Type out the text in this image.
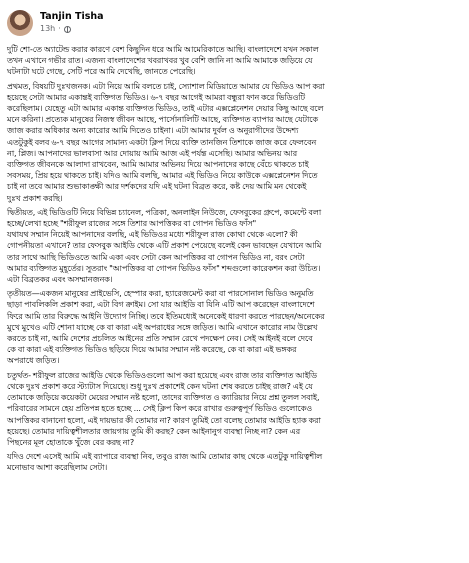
Tanjin Tisha
13h ·

দুটি শো-তে অ্যাটেন্ড করার কারণে বেশ কিছুদিন ধরে আমি আমেরিকাতে আছি। বাংলাদেশে যখন সকাল
তখন এখানে গভীর রাত। এজন্য বাংলাদেশের খবরাখবর খুব বেশি জানি না আমি আমাকে জড়িয়ে যে
ঘটনাটা ঘটে গেছে, সেটি পরে আমি দেখেছি, জানতে পেরেছি।

প্রথমত, বিষয়টি দুঃখজনক। এটা নিয়ে আমি বলতে চাই, স্যোশাল মিডিয়াতে আমার যে ভিডিও আপ করা
হয়েছে সেটা আমার একান্তই ব্যক্তিগত ভিডিও। ৬-৭ বছর আগেই আমরা বন্ধুরা ফান করে ভিডিওটি
করেছিলাম। যেহেতু এটা আমার একান্ত ব্যক্তিগত ভিডিও, তাই এটার এক্সপ্লেনেশন দেয়ার কিছু আছে বলে
মনে করিনা। প্রত্যেক মানুষের নিজস্ব জীবন আছে, পার্সোনালিটি আছে, ব্যক্তিগত ব্যাপার আছে যেটাকে
জাজ করার অধিকার অন্য কারোর আমি দিতেও চাইনা। এটা আমার দুর্বল ও অনুরাগীদের উদ্দেশ্য
এতটুকুই বলব ৬-৭ বছর আগের সামান্য একটা ক্লিপ দিয়ে ব্যক্তি তানজিন তিশাকে জাজ করে ফেলবেন
না, প্লিজ। আপনাদের ভালবাসা আর দোয়ায় আমি আজ এই পর্যন্ত এসেছি। আমার অভিনয় আর
ব্যক্তিগত জীবনকে আলাদা রাখবেন, আমি আমার অভিনয় দিয়ে আপনাদের কাছে বেঁচে থাকতে চাই
সবসময়, প্রিয় হয়ে থাকতে চাই। যদিও আমি বলছি, আমার এই ভিডিও নিয়ে কাউকে এক্সপ্লেনেশন দিতে
চাই না তবে আমার শুভাকাঙ্ক্ষী আর দর্শকদের যদি এই ঘটনা বিব্রত করে, কষ্ট দেয় আমি মন থেকেই
দুঃখ প্রকাশ করছি।

দ্বিতীয়ত, এই ভিডিওটি নিয়ে বিভিন্ন চ্যানেল, পত্রিকা, অনলাইন নিউজে, ফেসবুকের গ্রুপে, কমেন্টে বলা
হচ্ছে/লেখা হচ্ছে "শরীফুল রাজের সঙ্গে তিশার আপত্তিকর বা গোপন ভিডিও ফাঁস"
যথাযথ সম্মান নিয়েই আপনাদের বলছি, এই ভিডিওর মধ্যে শরীফুল রাজ কোথা থেকে এলো? কী
গোপনীয়তা এখানে? তার ফেসবুক আইডি থেকে এটি প্রকাশ পেয়েছে বলেই কেন ভাবছেন যেখানে আমি
তার সাথে আছি ভিডিওতে আমি একা এবং সেটা কেন আপত্তিকর বা গোপন ভিডিও না, বরং সেটা
আমার ব্যক্তিগত মুহূর্তের। সুতরাং "আপত্তিকর বা গোপন ভিডিও ফাঁস" শব্দগুলো কারেকশন করা উচিত।
এটা বিব্রতকর এবং অসম্মানজনক।

তৃতীয়ত—একজন মানুষের প্রাইভেসি, হেস্পার করা, হ্যারেজমেন্ট করা বা পারসোনাল ভিডিও অনুমতি
ছাড়া পাবলিকলি প্রকাশ করা, এটা বিগ ক্রাইম। সো যার আইডি বা যিনি এটি আপ করেছেন বাংলাদেশে
ফিরে আমি তার বিরুদ্ধে আইনি উদ্যোগ নিচ্ছি। তবে ইতিমধ্যেই অনেকেই ধারণা করতে পারছেন/অনেকের
মুখে মুখেও এটি শোনা যাচ্ছে কে বা কারা এই অপরাধের সঙ্গে জড়িত। আমি এখানে কারোর নাম উল্লেখ
করতে চাই না, আমি দেশের প্রচলিত আইনের প্রতি সম্মান রেখে পদক্ষেপ নেব। সেই আইনই বলে দেবে
কে বা কারা এই ব্যক্তিগত ভিডিও ছড়িয়ে দিয়ে আমার সম্মান নষ্ট করেছে, কে বা কারা এই ভঙ্গকর
অপরাধে জড়িত।

চতুর্থত- শরীফুল রাজের আইডি থেকে ভিডিওগুলো আপ করা হয়েছে এবং রাজ তার ব্যক্তিগত আইডি
থেকে দুঃখ প্রকাশ করে স্ট্যাটাস দিয়েছে। শুধু দুঃখ প্রকাশেই কেন ঘটনা শেষ করতে চাইছ রাজ? এই যে
তোমাকে জড়িয়ে কয়েকটা মেয়ের সম্মান নষ্ট হলো, তাদের ব্যক্তিগত ও ক্যারিয়ার নিয়ে প্রশ্ন তুলল সবাই,
পরিবারের সামনে হেয় প্রতিপন্ন হতে হচ্ছে ... সেই ক্লিপ কিপ করে রাখার গুরুত্বপূর্ণ ভিডিও গুলোকেও
আপত্তিকর বানানো হলো, এই দায়ভার কী তোমার না? কারণ তুমিই তো বলেছ তোমার আইডি হ্যাক করা
হয়েছে। তোমার দায়িত্বশীলতার জায়গায় তুমি কী করছ? কেন আইনানুগ ব্যবস্থা নিচ্ছ না? কেন এর
পিছনের মূল হোতাকে খুঁজে বের করছ না?

যদিও দেশে এসেই আমি এই ব্যাপারে ব্যবস্থা নিব, তবুও রাজ আমি তোমার কাছ থেকে এতটুকু দায়িত্বশীল
মনোভাব আশা করেছিলাম সেটা।
